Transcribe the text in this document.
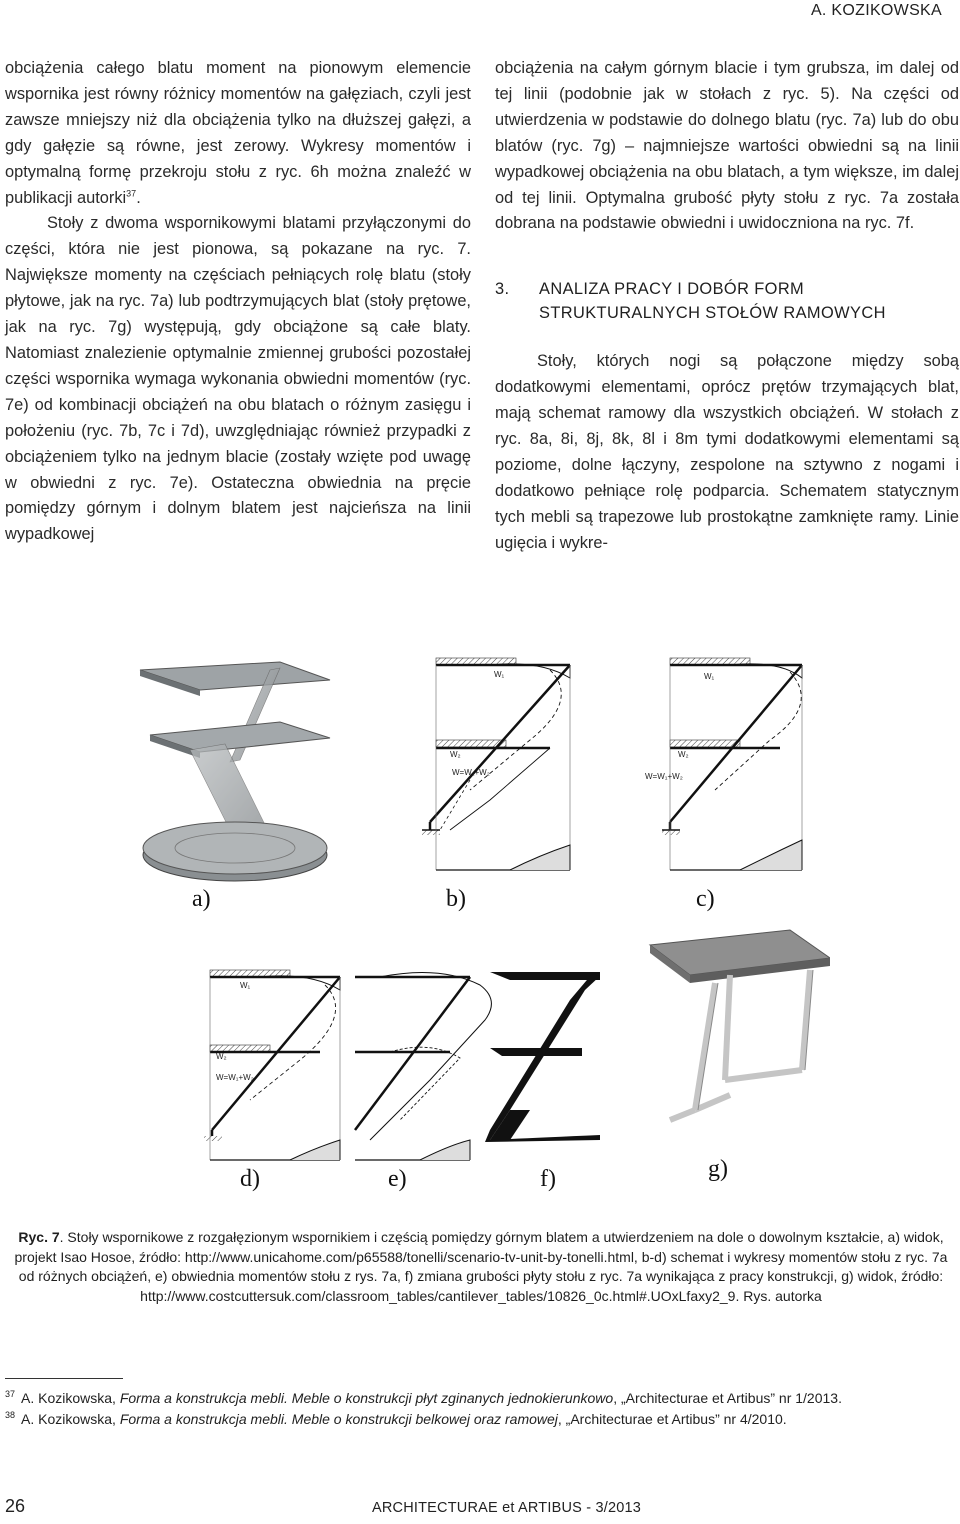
A. KOZIKOWSKA

obciążenia całego blatu moment na pionowym elemencie wspornika jest równy różnicy momentów na gałęziach, czyli jest zawsze mniejszy niż dla obciążenia tylko na dłuższej gałęzi, a gdy gałęzie są równe, jest zerowy. Wykresy momentów i optymalną formę przekroju stołu z ryc. 6h można znaleźć w publikacji autorki$^{37}$.

Stoły z dwoma wspornikowymi blatami przyłączonymi do części, która nie jest pionowa, są pokazane na ryc. 7. Największe momenty na częściach pełniących rolę blatu (stoły płytowe, jak na ryc. 7a) lub podtrzymujących blat (stoły prętowe, jak na ryc. 7g) występują, gdy obciążone są całe blaty. Natomiast znalezienie optymalnie zmiennej grubości pozostałej części wspornika wymaga wykonania obwiedni momentów (ryc. 7e) od kombinacji obciążeń na obu blatach o różnym zasięgu i położeniu (ryc. 7b, 7c i 7d), uwzględniając również przypadki z obciążeniem tylko na jednym blacie (zostały wzięte pod uwagę w obwiedni z ryc. 7e). Ostateczna obwiednia na pręcie pomiędzy górnym i dolnym blatem jest najcieńsza na linii wypadkowej

obciążenia na całym górnym blacie i tym grubsza, im dalej od tej linii (podobnie jak w stołach z ryc. 5). Na części od utwierdzenia w podstawie do dolnego blatu (ryc. 7a) lub do obu blatów (ryc. 7g) – najmniejsze wartości obwiedni są na linii wypadkowej obciążenia na obu blatach, a tym większe, im dalej od tej linii. Optymalna grubość płyty stołu z ryc. 7a została dobrana na podstawie obwiedni i uwidoczniona na ryc. 7f.

3.	ANALIZA PRACY I DOBÓR FORM STRUKTURALNYCH STOŁÓW RAMOWYCH

Stoły, których nogi są połączone między sobą dodatkowymi elementami, oprócz prętów trzymających blat, mają schemat ramowy dla wszystkich obciążeń. W stołach z ryc. 8a, 8i, 8j, 8k, 8l i 8m tymi dodatkowymi elementami są poziome, dolne łączyny, zespolone na sztywno z nogami i dodatkowo pełniące rolę podparcia. Schematem statycznym tych mebli są trapezowe lub prostokątne zamknięte ramy. Linie ugięcia i wykre-

W₁
W₂
W=W₁+W₂
W₁
W₂
W=W₁+W₂
W₁
W₂
W=W₁+W₂
a)	b)	c)
d)	e)	f)	g)
Ryc. 7. Stoły wspornikowe z rozgałęzionym wspornikiem i częścią pomiędzy górnym blatem a utwierdzeniem na dole o dowolnym kształcie, a) widok, projekt Isao Hosoe, źródło: http://www.unicahome.com/p65588/tonelli/scenario-tv-unit-by-tonelli.html, b-d) schemat i wykresy momentów stołu z ryc. 7a od różnych obciążeń, e) obwiednia momentów stołu z rys. 7a, f) zmiana grubości płyty stołu z ryc. 7a wynikająca z pracy konstrukcji, g) widok, źródło: http://www.costcuttersuk.com/classroom_tables/cantilever_tables/10826_0c.html#.UOxLfaxy2_9. Rys. autorka
$^{37}$ A. Kozikowska, Forma a konstrukcja mebli. Meble o konstrukcji płyt zginanych jednokierunkowo, „Architecturae et Artibus” nr 1/2013.
$^{38}$ A. Kozikowska, Forma a konstrukcja mebli. Meble o konstrukcji belkowej oraz ramowej, „Architecturae et Artibus” nr 4/2010.
26	ARCHITECTURAE et ARTIBUS - 3/2013
